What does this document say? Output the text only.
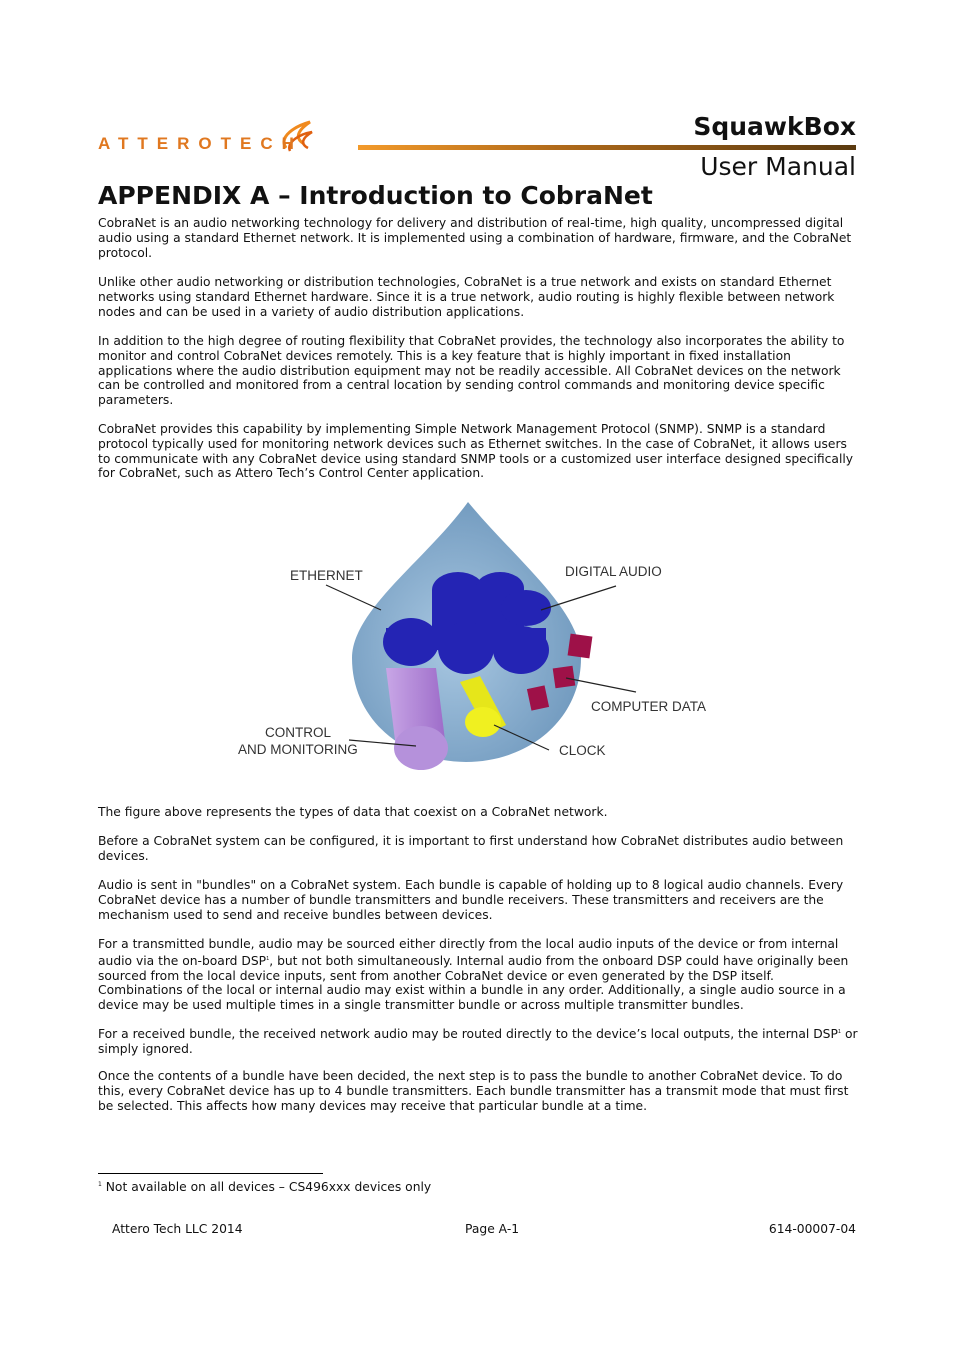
ATTEROTECH
SquawkBox
User Manual
APPENDIX A – Introduction to CobraNet

CobraNet is an audio networking technology for delivery and distribution of real-time, high quality, uncompressed digital audio using a standard Ethernet network. It is implemented using a combination of hardware, firmware, and the CobraNet protocol.

Unlike other audio networking or distribution technologies, CobraNet is a true network and exists on standard Ethernet networks using standard Ethernet hardware. Since it is a true network, audio routing is highly flexible between network nodes and can be used in a variety of audio distribution applications.

In addition to the high degree of routing flexibility that CobraNet provides, the technology also incorporates the ability to monitor and control CobraNet devices remotely. This is a key feature that is highly important in fixed installation applications where the audio distribution equipment may not be readily accessible. All CobraNet devices on the network can be controlled and monitored from a central location by sending control commands and monitoring device specific parameters.

CobraNet provides this capability by implementing Simple Network Management Protocol (SNMP). SNMP is a standard protocol typically used for monitoring network devices such as Ethernet switches. In the case of CobraNet, it allows users to communicate with any CobraNet device using standard SNMP tools or a customized user interface designed specifically for CobraNet, such as Attero Tech’s Control Center application.

ETHERNET	DIGITAL AUDIO
COMPUTER DATA
CONTROL
AND MONITORING	CLOCK

The figure above represents the types of data that coexist on a CobraNet network.

Before a CobraNet system can be configured, it is important to first understand how CobraNet distributes audio between devices.

Audio is sent in "bundles" on a CobraNet system. Each bundle is capable of holding up to 8 logical audio channels. Every CobraNet device has a number of bundle transmitters and bundle receivers. These transmitters and receivers are the mechanism used to send and receive bundles between devices.

For a transmitted bundle, audio may be sourced either directly from the local audio inputs of the device or from internal audio via the on-board DSP$^1$, but not both simultaneously. Internal audio from the onboard DSP could have originally been sourced from the local device inputs, sent from another CobraNet device or even generated by the DSP itself. Combinations of the local or internal audio may exist within a bundle in any order. Additionally, a single audio source in a device may be used multiple times in a single transmitter bundle or across multiple transmitter bundles.

For a received bundle, the received network audio may be routed directly to the device’s local outputs, the internal DSP$^1$ or simply ignored.

Once the contents of a bundle have been decided, the next step is to pass the bundle to another CobraNet device. To do this, every CobraNet device has up to 4 bundle transmitters. Each bundle transmitter has a transmit mode that must first be selected. This affects how many devices may receive that particular bundle at a time.

$^1$ Not available on all devices – CS496xxx devices only
Attero Tech LLC 2014	Page A-1	614-00007-04
